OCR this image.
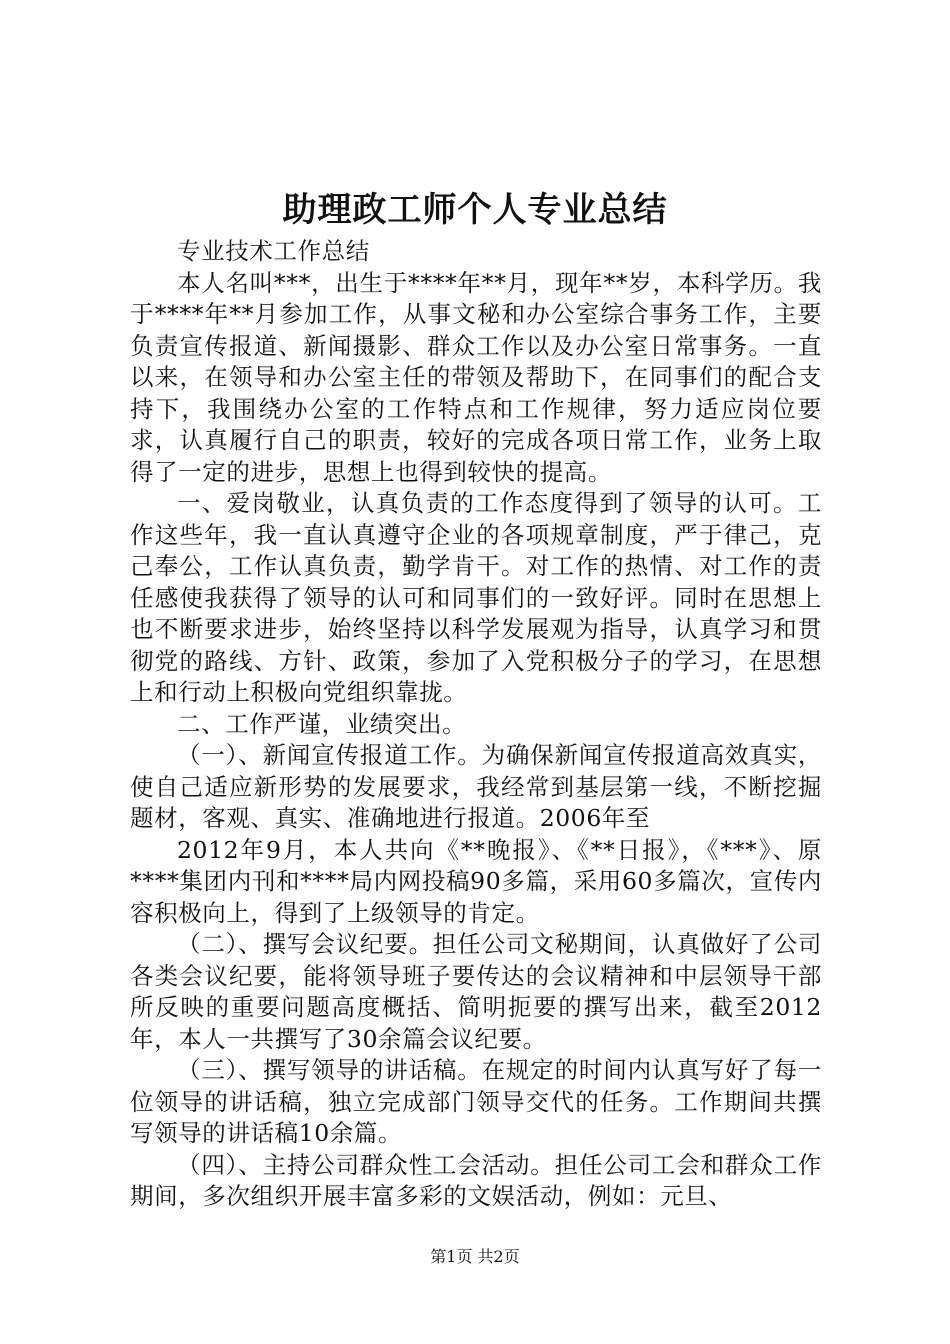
助理政工师个人专业总结

专业技术工作总结

本人名叫***，出生于****年**月，现年**岁，本科学历。我于****年**月参加工作，从事文秘和办公室综合事务工作，主要负责宣传报道、新闻摄影、群众工作以及办公室日常事务。一直以来，在领导和办公室主任的带领及帮助下，在同事们的配合支持下，我围绕办公室的工作特点和工作规律，努力适应岗位要求，认真履行自己的职责，较好的完成各项日常工作，业务上取得了一定的进步，思想上也得到较快的提高。

一、爱岗敬业，认真负责的工作态度得到了领导的认可。工作这些年，我一直认真遵守企业的各项规章制度，严于律己，克己奉公，工作认真负责，勤学肯干。对工作的热情、对工作的责任感使我获得了领导的认可和同事们的一致好评。同时在思想上也不断要求进步，始终坚持以科学发展观为指导，认真学习和贯彻党的路线、方针、政策，参加了入党积极分子的学习，在思想上和行动上积极向党组织靠拢。

二、工作严谨，业绩突出。

（一）、新闻宣传报道工作。为确保新闻宣传报道高效真实，使自己适应新形势的发展要求，我经常到基层第一线，不断挖掘题材，客观、真实、准确地进行报道。2006年至

2012年9月，本人共向《**晚报》、《**日报》，《***》、原****集团内刊和****局内网投稿90多篇，采用60多篇次，宣传内容积极向上，得到了上级领导的肯定。

（二）、撰写会议纪要。担任公司文秘期间，认真做好了公司各类会议纪要，能将领导班子要传达的会议精神和中层领导干部所反映的重要问题高度概括、简明扼要的撰写出来，截至2012年，本人一共撰写了30余篇会议纪要。

（三）、撰写领导的讲话稿。在规定的时间内认真写好了每一位领导的讲话稿，独立完成部门领导交代的任务。工作期间共撰写领导的讲话稿10余篇。

（四）、主持公司群众性工会活动。担任公司工会和群众工作期间，多次组织开展丰富多彩的文娱活动，例如：元旦、

第1页 共2页
